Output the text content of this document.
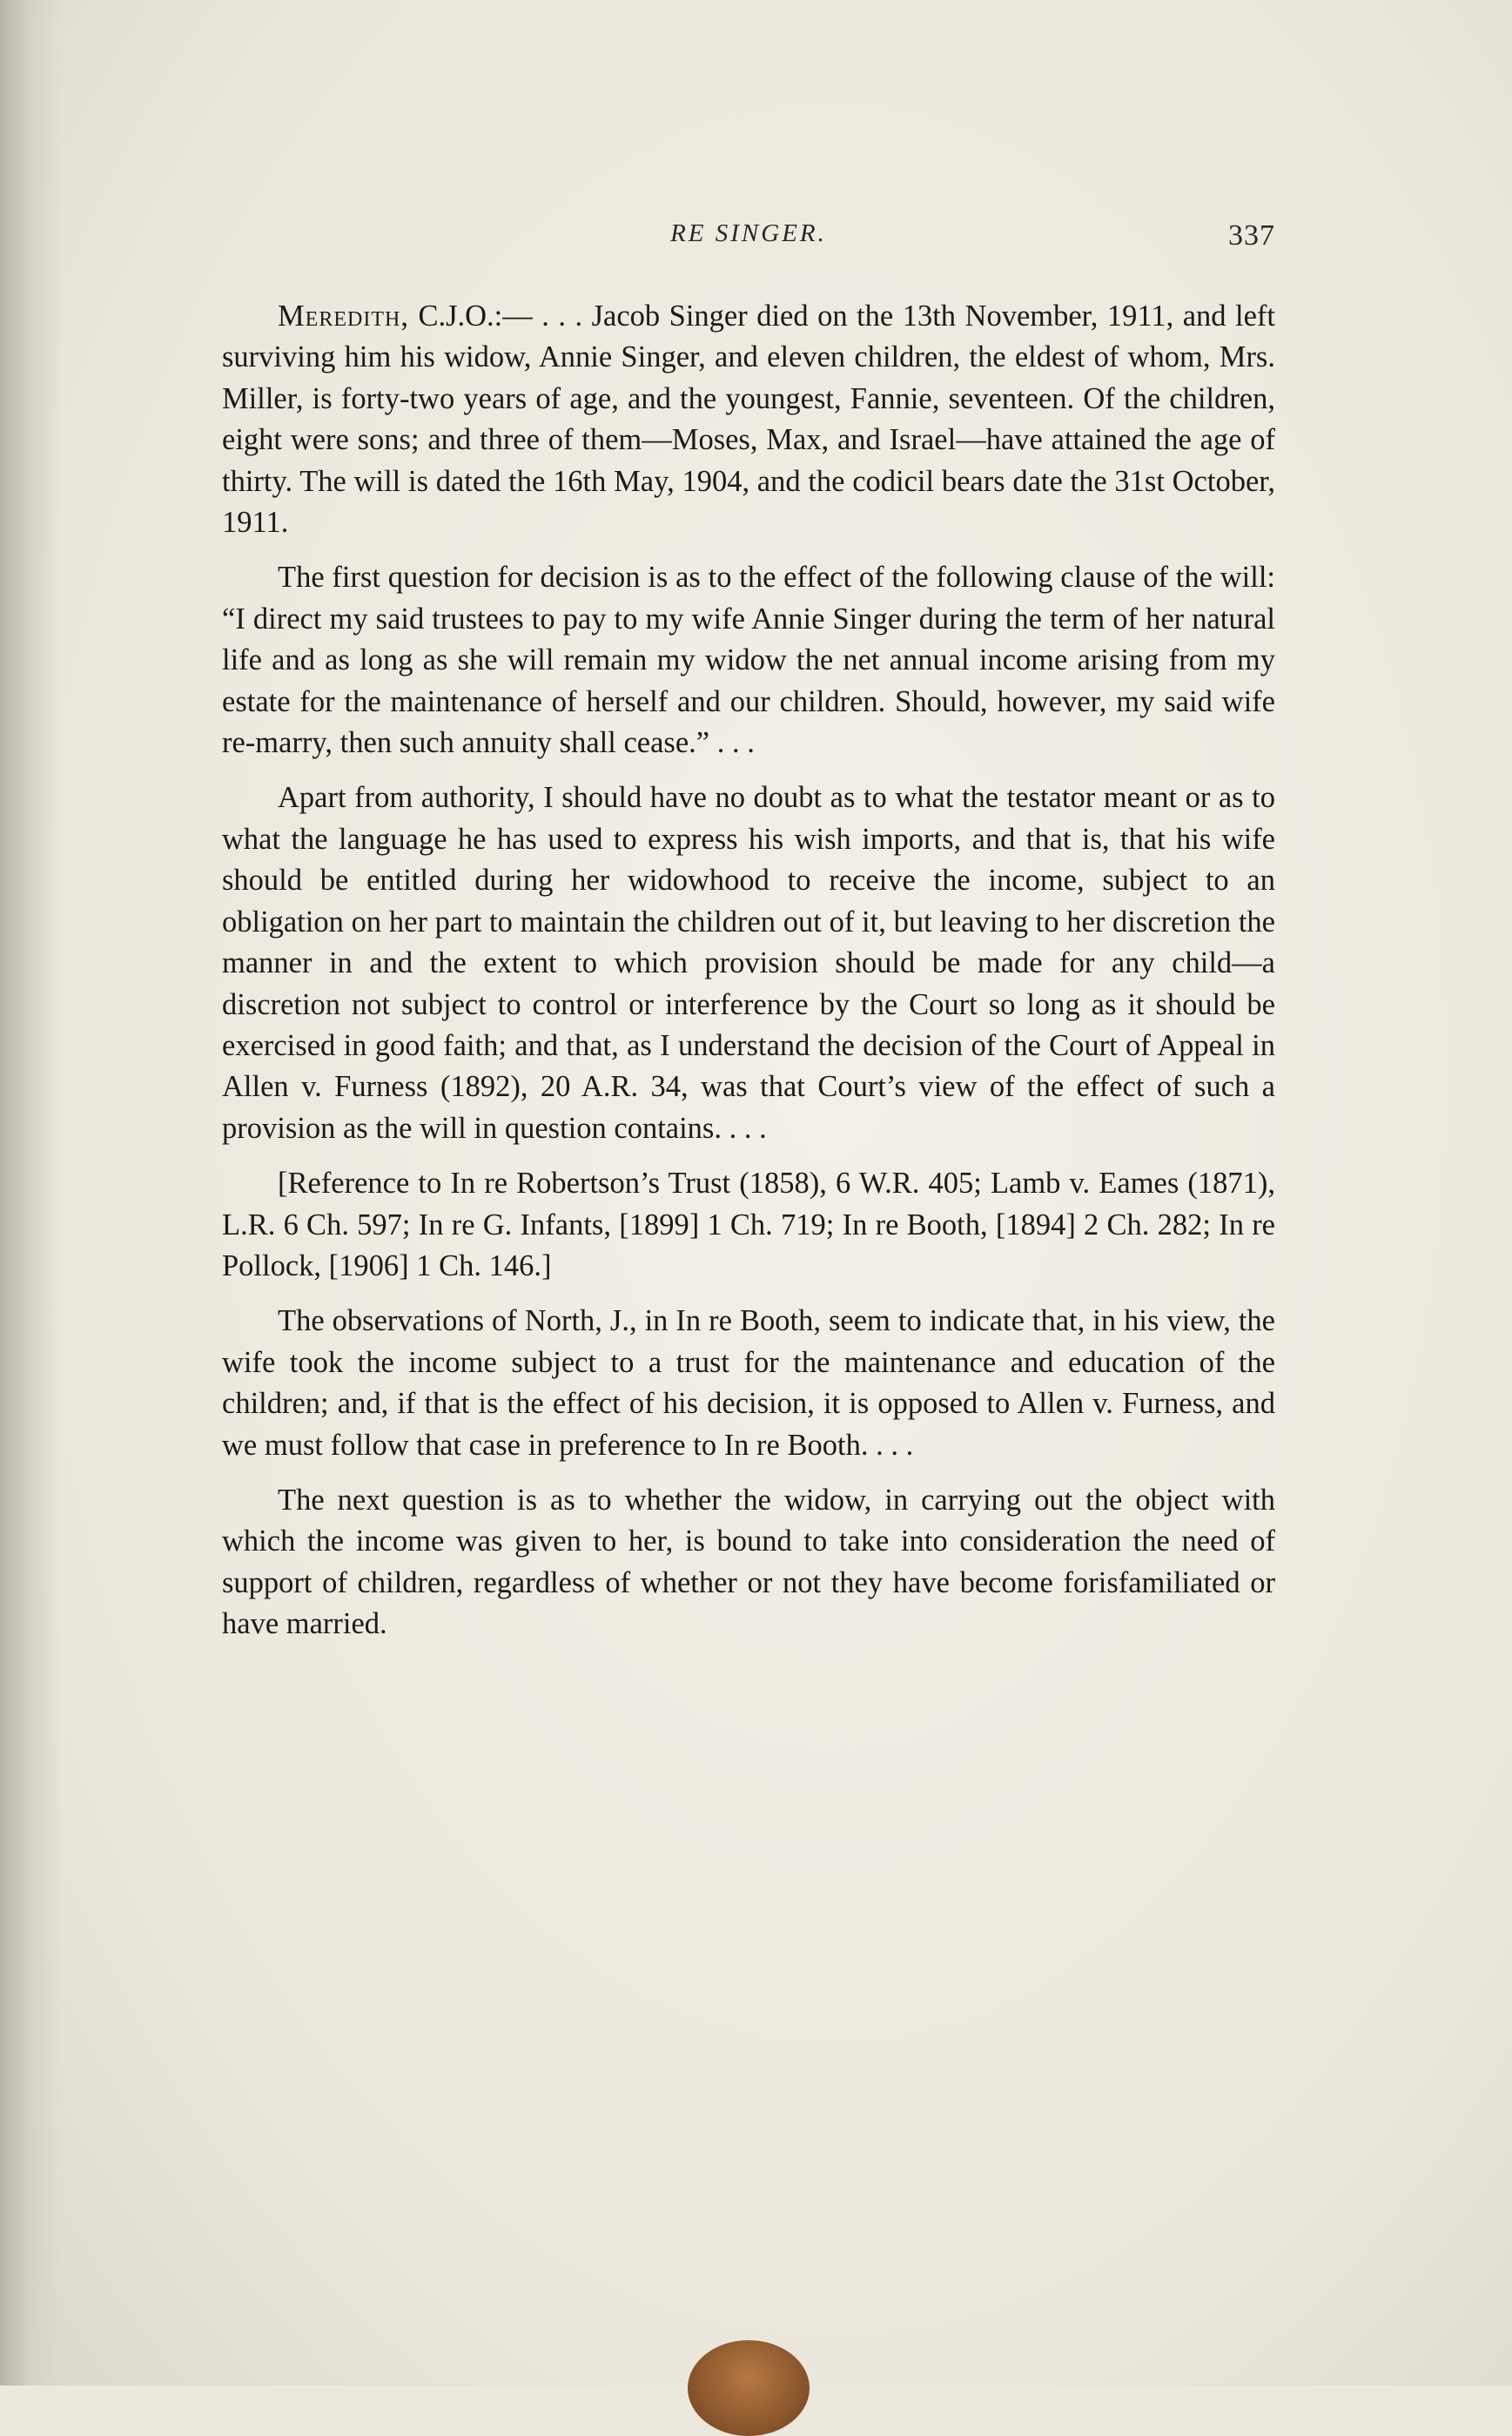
RE SINGER.	337

Meredith, C.J.O.:— . . . Jacob Singer died on the 13th November, 1911, and left surviving him his widow, Annie Singer, and eleven children, the eldest of whom, Mrs. Miller, is forty-two years of age, and the youngest, Fannie, seventeen. Of the children, eight were sons; and three of them—Moses, Max, and Israel—have attained the age of thirty. The will is dated the 16th May, 1904, and the codicil bears date the 31st October, 1911.

The first question for decision is as to the effect of the following clause of the will: “I direct my said trustees to pay to my wife Annie Singer during the term of her natural life and as long as she will remain my widow the net annual income arising from my estate for the maintenance of herself and our children. Should, however, my said wife re-marry, then such annuity shall cease.” . . .

Apart from authority, I should have no doubt as to what the testator meant or as to what the language he has used to express his wish imports, and that is, that his wife should be entitled during her widowhood to receive the income, subject to an obligation on her part to maintain the children out of it, but leaving to her discretion the manner in and the extent to which provision should be made for any child—a discretion not subject to control or interference by the Court so long as it should be exercised in good faith; and that, as I understand the decision of the Court of Appeal in Allen v. Furness (1892), 20 A.R. 34, was that Court’s view of the effect of such a provision as the will in question contains. . . .

[Reference to In re Robertson’s Trust (1858), 6 W.R. 405; Lamb v. Eames (1871), L.R. 6 Ch. 597; In re G. Infants, [1899] 1 Ch. 719; In re Booth, [1894] 2 Ch. 282; In re Pollock, [1906] 1 Ch. 146.]

The observations of North, J., in In re Booth, seem to indicate that, in his view, the wife took the income subject to a trust for the maintenance and education of the children; and, if that is the effect of his decision, it is opposed to Allen v. Furness, and we must follow that case in preference to In re Booth. . . .

The next question is as to whether the widow, in carrying out the object with which the income was given to her, is bound to take into consideration the need of support of children, regardless of whether or not they have become forisfamiliated or have married.
